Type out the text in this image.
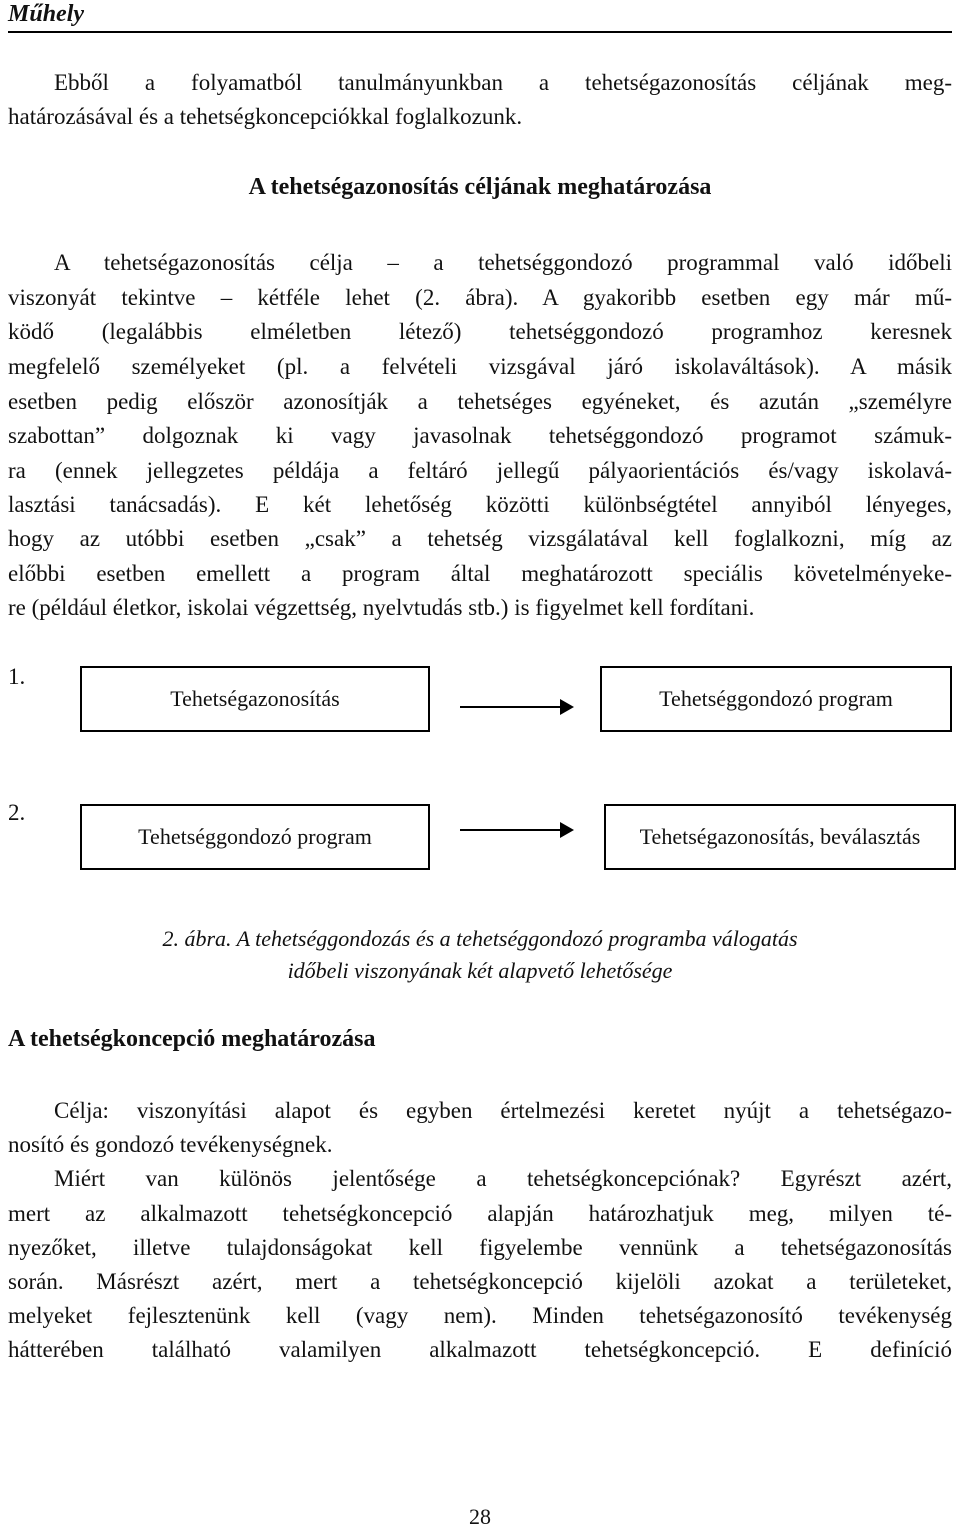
Műhely
Ebből a folyamatból tanulmányunkban a tehetségazonosítás céljának meg-
határozásával és a tehetségkoncepciókkal foglalkozunk.
A tehetségazonosítás céljának meghatározása
A tehetségazonosítás célja – a tehetséggondozó programmal való időbeli
viszonyát tekintve – kétféle lehet (2. ábra). A gyakoribb esetben egy már mű-
ködő (legalábbis elméletben létező) tehetséggondozó programhoz keresnek
megfelelő személyeket (pl. a felvételi vizsgával járó iskolaváltások). A másik
esetben pedig először azonosítják a tehetséges egyéneket, és azután „személyre
szabottan” dolgoznak ki vagy javasolnak tehetséggondozó programot számuk-
ra (ennek jellegzetes példája a feltáró jellegű pályaorientációs és/vagy iskolavá-
lasztási tanácsadás). E két lehetőség közötti különbségtétel annyiból lényeges,
hogy az utóbbi esetben „csak” a tehetség vizsgálatával kell foglalkozni, míg az
előbbi esetben emellett a program által meghatározott speciális követelményeke-
re (például életkor, iskolai végzettség, nyelvtudás stb.) is figyelmet kell fordítani.
1.
Tehetségazonosítás	Tehetséggondozó program
2.
Tehetséggondozó program	Tehetségazonosítás, beválasztás
2. ábra. A tehetséggondozás és a tehetséggondozó programba válogatás
időbeli viszonyának két alapvető lehetősége
A tehetségkoncepció meghatározása
Célja: viszonyítási alapot és egyben értelmezési keretet nyújt a tehetségazo-
nosító és gondozó tevékenységnek.
Miért van különös jelentősége a tehetségkoncepciónak? Egyrészt azért,
mert az alkalmazott tehetségkoncepció alapján határozhatjuk meg, milyen té-
nyezőket, illetve tulajdonságokat kell figyelembe vennünk a tehetségazonosítás
során. Másrészt azért, mert a tehetségkoncepció kijelöli azokat a területeket,
melyeket fejlesztenünk kell (vagy nem). Minden tehetségazonosító tevékenység
hátterében található valamilyen alkalmazott tehetségkoncepció. E definíció
28
